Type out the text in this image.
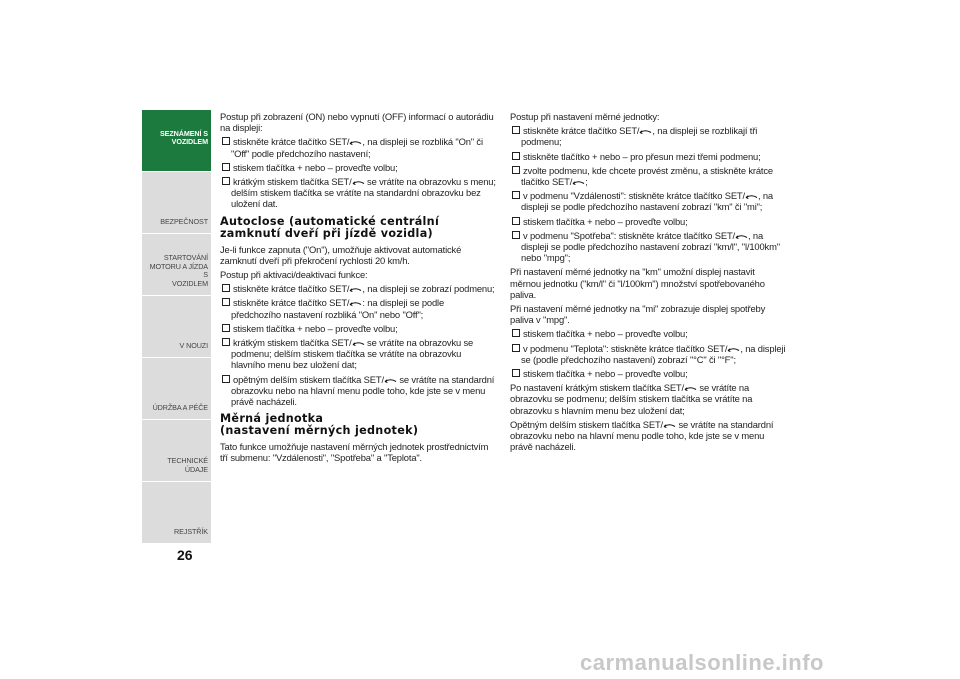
SEZNÁMENÍ S
VOZIDLEM
BEZPEČNOST
STARTOVÁNÍ
MOTORU A JÍZDA S
VOZIDLEM
V NOUZI
ÚDRŽBA A PÉČE
TECHNICKÉ ÚDAJE
REJSTŘÍK
26

Postup při zobrazení (ON) nebo vypnutí (OFF) informací o autorádiu na displeji:

stiskněte krátce tlačítko SET/ , na displeji se rozbliká "On" či "Off" podle předchozího nastavení;
stiskem tlačítka + nebo – proveďte volbu;
krátkým stiskem tlačítka SET/ se vrátíte na obrazovku s menu; delším stiskem tlačítka se vrátíte na standardní obrazovku bez uložení dat.
Autoclose (automatické centrální
zamknutí dveří při jízdě vozidla)

Je-li funkce zapnuta ("On"), umožňuje aktivovat automatické zamknutí dveří při překročení rychlosti 20 km/h.

Postup při aktivaci/deaktivaci funkce:

stiskněte krátce tlačítko SET/ , na displeji se zobrazí podmenu;
stiskněte krátce tlačítko SET/ : na displeji se podle předchozího nastavení rozbliká "On" nebo "Off";
stiskem tlačítka + nebo – proveďte volbu;
krátkým stiskem tlačítka SET/ se vrátíte na obrazovku se podmenu; delším stiskem tlačítka se vrátíte na obrazovku hlavního menu bez uložení dat;
opětným delším stiskem tlačítka SET/ se vrátíte na standardní obrazovku nebo na hlavní menu podle toho, kde jste se v menu právě nacházeli.
Měrná jednotka
(nastavení měrných jednotek)

Tato funkce umožňuje nastavení měrných jednotek prostřednictvím tří submenu: "Vzdálenosti", "Spotřeba" a "Teplota".

Postup při nastavení měrné jednotky:

stiskněte krátce tlačítko SET/ , na displeji se rozblikají tři podmenu;
stiskněte tlačítko + nebo – pro přesun mezi třemi podmenu;
zvolte podmenu, kde chcete provést změnu, a stiskněte krátce tlačítko SET/ ;
v podmenu "Vzdálenosti": stiskněte krátce tlačítko SET/ , na displeji se podle předchozího nastavení zobrazí "km" či "mi";
stiskem tlačítka + nebo – proveďte volbu;
v podmenu "Spotřeba": stiskněte krátce tlačítko SET/ , na displeji se podle předchozího nastavení zobrazí "km/l", "l/100km" nebo "mpg";

Při nastavení měrné jednotky na "km" umožní displej nastavit měrnou jednotku ("km/l" či "l/100km") množství spotřebovaného paliva.

Při nastavení měrné jednotky na "mi" zobrazuje displej spotřeby paliva v "mpg".

stiskem tlačítka + nebo – proveďte volbu;
v podmenu "Teplota": stiskněte krátce tlačítko SET/ , na displeji se (podle předchozího nastavení) zobrazí "°C" či "°F";
stiskem tlačítka + nebo – proveďte volbu;

Po nastavení krátkým stiskem tlačítka SET/ se vrátíte na obrazovku se podmenu; delším stiskem tlačítka se vrátíte na obrazovku s hlavním menu bez uložení dat;

Opětným delším stiskem tlačítka SET/ se vrátíte na standardní obrazovku nebo na hlavní menu podle toho, kde jste se v menu právě nacházeli.

carmanualsonline.info
